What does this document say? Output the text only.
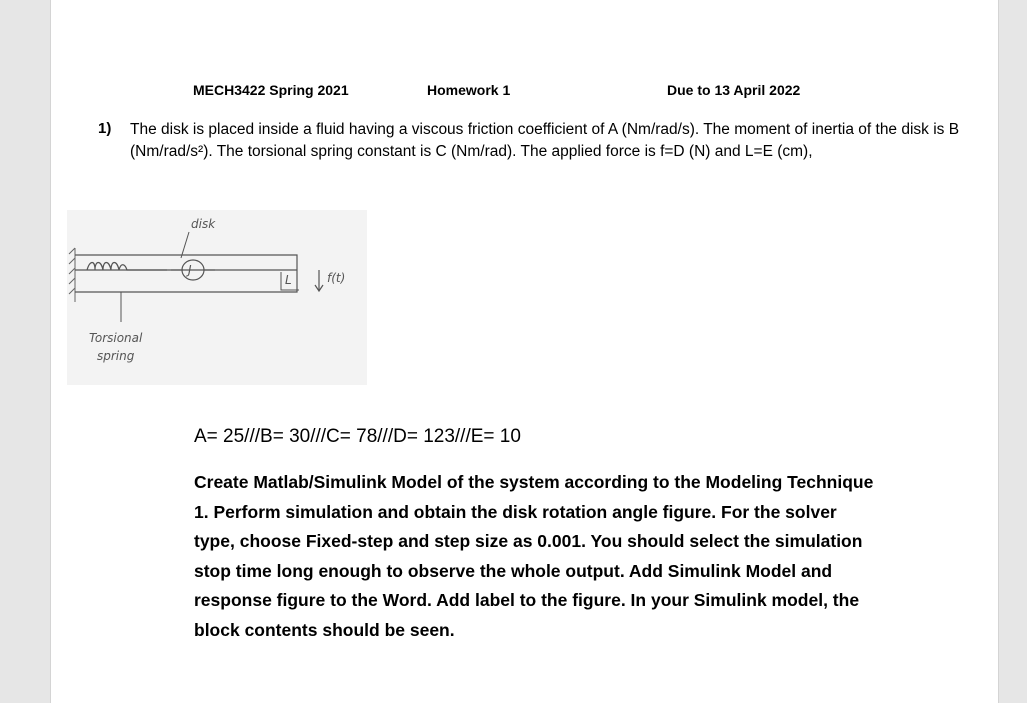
MECH3422 Spring 2021	Homework 1	Due to 13 April 2022
1) The disk is placed inside a fluid having a viscous friction coefficient of A (Nm/rad/s). The moment of inertia of the disk is B (Nm/rad/s²). The torsional spring constant is C (Nm/rad). The applied force is f=D (N) and L=E (cm),
J
disk
L	f(t)
Torsional
spring
A= 25///B= 30///C= 78///D= 123///E= 10
Create Matlab/Simulink Model of the system according to the Modeling Technique 1. Perform simulation and obtain the disk rotation angle figure. For the solver type, choose Fixed-step and step size as 0.001. You should select the simulation stop time long enough to observe the whole output. Add Simulink Model and response figure to the Word. Add label to the figure. In your Simulink model, the block contents should be seen.
